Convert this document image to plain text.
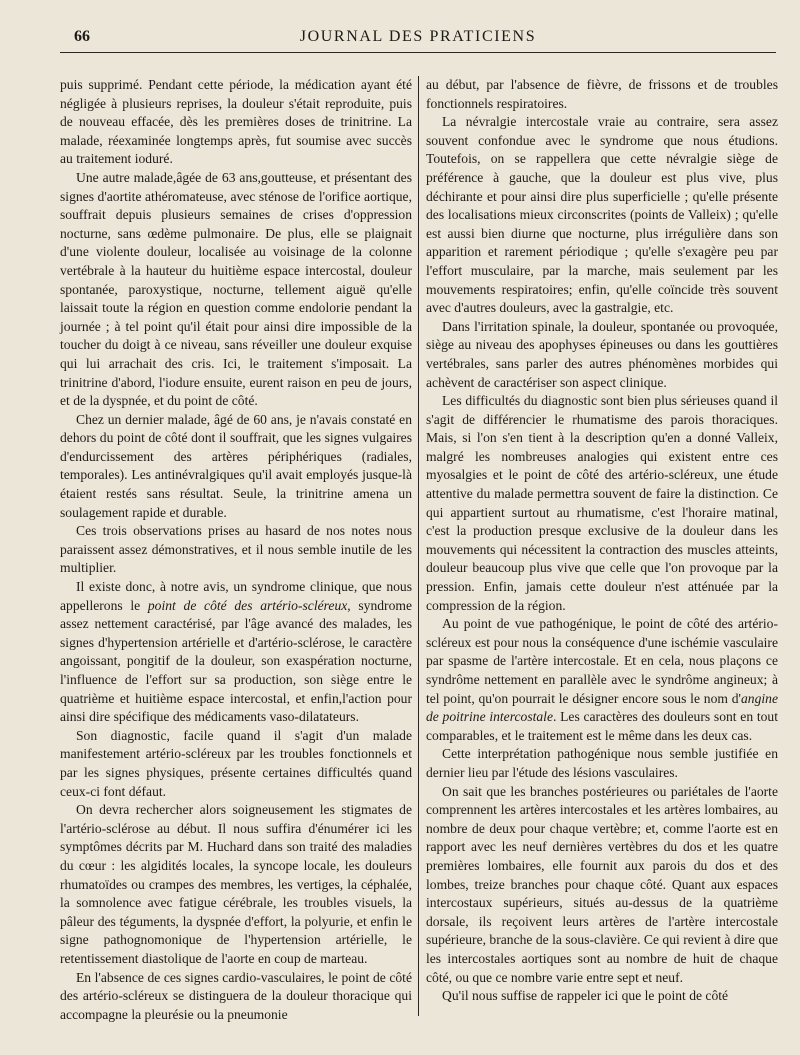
66	JOURNAL DES PRATICIENS

puis supprimé. Pendant cette période, la médication ayant été négligée à plusieurs reprises, la douleur s'était reproduite, puis de nouveau effacée, dès les premières doses de trinitrine. La malade, réexaminée longtemps après, fut soumise avec succès au traitement ioduré.

Une autre malade,âgée de 63 ans,goutteuse, et présentant des signes d'aortite athéromateuse, avec sténose de l'orifice aortique, souffrait depuis plusieurs semaines de crises d'oppression nocturne, sans œdème pulmonaire. De plus, elle se plaignait d'une violente douleur, localisée au voisinage de la colonne vertébrale à la hauteur du huitième espace intercostal, douleur spontanée, paroxystique, nocturne, tellement aiguë qu'elle laissait toute la région en question comme endolorie pendant la journée ; à tel point qu'il était pour ainsi dire impossible de la toucher du doigt à ce niveau, sans réveiller une douleur exquise qui lui arrachait des cris. Ici, le traitement s'imposait. La trinitrine d'abord, l'iodure ensuite, eurent raison en peu de jours, et de la dyspnée, et du point de côté.

Chez un dernier malade, âgé de 60 ans, je n'avais constaté en dehors du point de côté dont il souffrait, que les signes vulgaires d'endurcissement des artères périphériques (radiales, temporales). Les antinévralgiques qu'il avait employés jusque-là étaient restés sans résultat. Seule, la trinitrine amena un soulagement rapide et durable.

Ces trois observations prises au hasard de nos notes nous paraissent assez démonstratives, et il nous semble inutile de les multiplier.

Il existe donc, à notre avis, un syndrome clinique, que nous appellerons le point de côté des artério-scléreux, syndrome assez nettement caractérisé, par l'âge avancé des malades, les signes d'hypertension artérielle et d'artério-sclérose, le caractère angoissant, pongitif de la douleur, son exaspération nocturne, l'influence de l'effort sur sa production, son siège entre le quatrième et huitième espace intercostal, et enfin,l'action pour ainsi dire spécifique des médicaments vaso-dilatateurs.

Son diagnostic, facile quand il s'agit d'un malade manifestement artério-scléreux par les troubles fonctionnels et par les signes physiques, présente certaines difficultés quand ceux-ci font défaut.

On devra rechercher alors soigneusement les stigmates de l'artério-sclérose au début. Il nous suffira d'énumérer ici les symptômes décrits par M. Huchard dans son traité des maladies du cœur : les algidités locales, la syncope locale, les douleurs rhumatoïdes ou crampes des membres, les vertiges, la céphalée, la somnolence avec fatigue cérébrale, les troubles visuels, la pâleur des téguments, la dyspnée d'effort, la polyurie, et enfin le signe pathognomonique de l'hypertension artérielle, le retentissement diastolique de l'aorte en coup de marteau.

En l'absence de ces signes cardio-vasculaires, le point de côté des artério-scléreux se distinguera de la douleur thoracique qui accompagne la pleurésie ou la pneumonie

au début, par l'absence de fièvre, de frissons et de troubles fonctionnels respiratoires.

La névralgie intercostale vraie au contraire, sera assez souvent confondue avec le syndrome que nous étudions. Toutefois, on se rappellera que cette névralgie siège de préférence à gauche, que la douleur est plus vive, plus déchirante et pour ainsi dire plus superficielle ; qu'elle présente des localisations mieux circonscrites (points de Valleix) ; qu'elle est aussi bien diurne que nocturne, plus irrégulière dans son apparition et rarement périodique ; qu'elle s'exagère peu par l'effort musculaire, par la marche, mais seulement par les mouvements respiratoires; enfin, qu'elle coïncide très souvent avec d'autres douleurs, avec la gastralgie, etc.

Dans l'irritation spinale, la douleur, spontanée ou provoquée, siège au niveau des apophyses épineuses ou dans les gouttières vertébrales, sans parler des autres phénomènes morbides qui achèvent de caractériser son aspect clinique.

Les difficultés du diagnostic sont bien plus sérieuses quand il s'agit de différencier le rhumatisme des parois thoraciques. Mais, si l'on s'en tient à la description qu'en a donné Valleix, malgré les nombreuses analogies qui existent entre ces myosalgies et le point de côté des artério-scléreux, une étude attentive du malade permettra souvent de faire la distinction. Ce qui appartient surtout au rhumatisme, c'est l'horaire matinal, c'est la production presque exclusive de la douleur dans les mouvements qui nécessitent la contraction des muscles atteints, douleur beaucoup plus vive que celle que l'on provoque par la pression. Enfin, jamais cette douleur n'est atténuée par la compression de la région.

Au point de vue pathogénique, le point de côté des artério-scléreux est pour nous la conséquence d'une ischémie vasculaire par spasme de l'artère intercostale. Et en cela, nous plaçons ce syndrôme nettement en parallèle avec le syndrôme angineux; à tel point, qu'on pourrait le désigner encore sous le nom d'angine de poitrine intercostale. Les caractères des douleurs sont en tout comparables, et le traitement est le même dans les deux cas.

Cette interprétation pathogénique nous semble justifiée en dernier lieu par l'étude des lésions vasculaires.

On sait que les branches postérieures ou pariétales de l'aorte comprennent les artères intercostales et les artères lombaires, au nombre de deux pour chaque vertèbre; et, comme l'aorte est en rapport avec les neuf dernières vertèbres du dos et les quatre premières lombaires, elle fournit aux parois du dos et des lombes, treize branches pour chaque côté. Quant aux espaces intercostaux supérieurs, situés au-dessus de la quatrième dorsale, ils reçoivent leurs artères de l'artère intercostale supérieure, branche de la sous-clavière. Ce qui revient à dire que les intercostales aortiques sont au nombre de huit de chaque côté, ou que ce nombre varie entre sept et neuf.

Qu'il nous suffise de rappeler ici que le point de côté
